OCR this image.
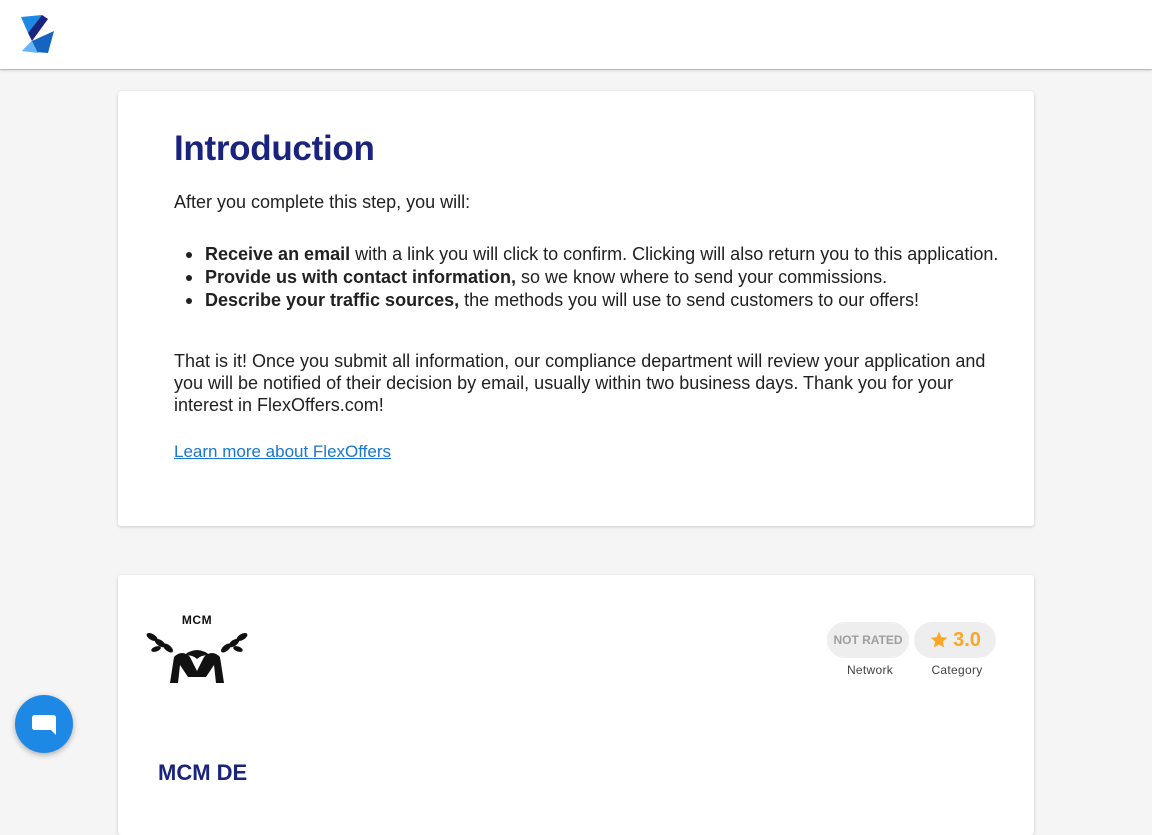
Introduction

After you complete this step, you will:

Receive an email with a link you will click to confirm. Clicking will also return you to this application.
Provide us with contact information, so we know where to send your commissions.
Describe your traffic sources, the methods you will use to send customers to our offers!

That is it! Once you submit all information, our compliance department will review your application and you will be notified of their decision by email, usually within two business days. Thank you for your interest in FlexOffers.com!

Learn more about FlexOffers
MCM
NOT RATED
Network
3.0
Category
MCM DE
